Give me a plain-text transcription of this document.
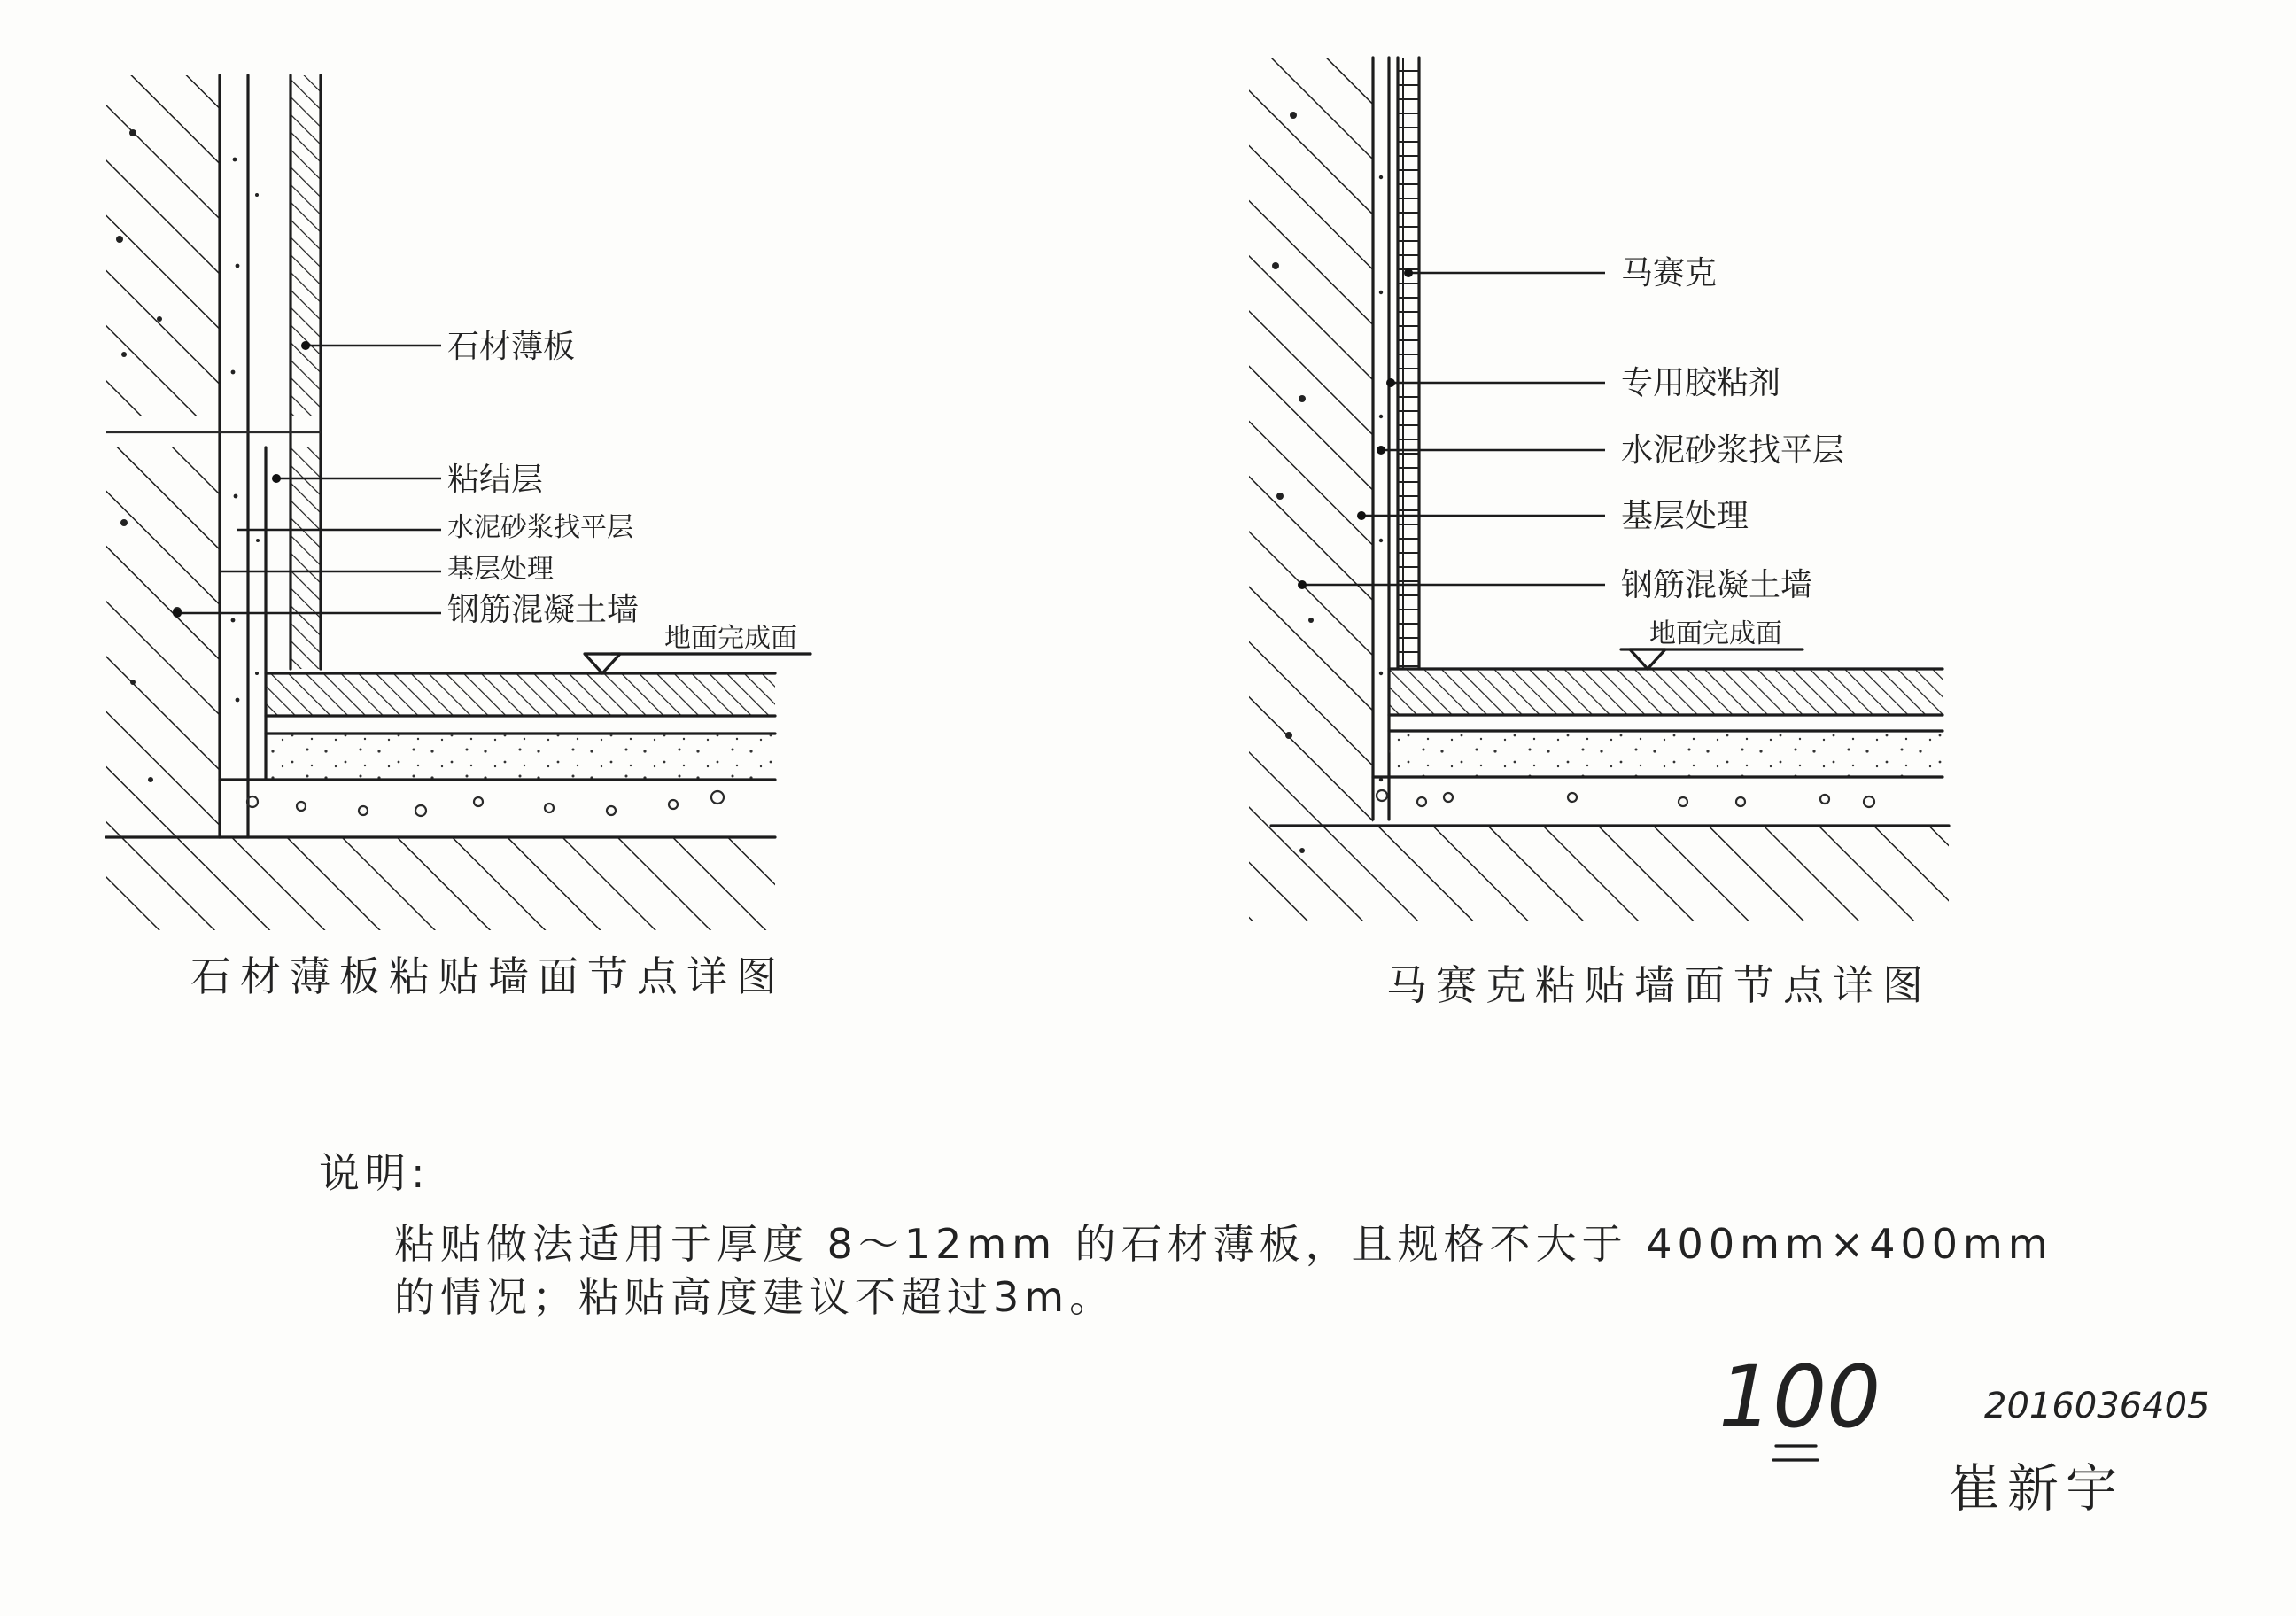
石材薄板
粘结层
水泥砂浆找平层
基层处理
钢筋混凝土墙
地面完成面
石材薄板粘贴墙面节点详图
马赛克
专用胶粘剂
水泥砂浆找平层
基层处理
钢筋混凝土墙
地面完成面
马赛克粘贴墙面节点详图
说明:
粘贴做法适用于厚度 8～12mm 的石材薄板，且规格不大于 400mm×400mm
的情况；粘贴高度建议不超过3m。
100	2016036405
崔新宇
